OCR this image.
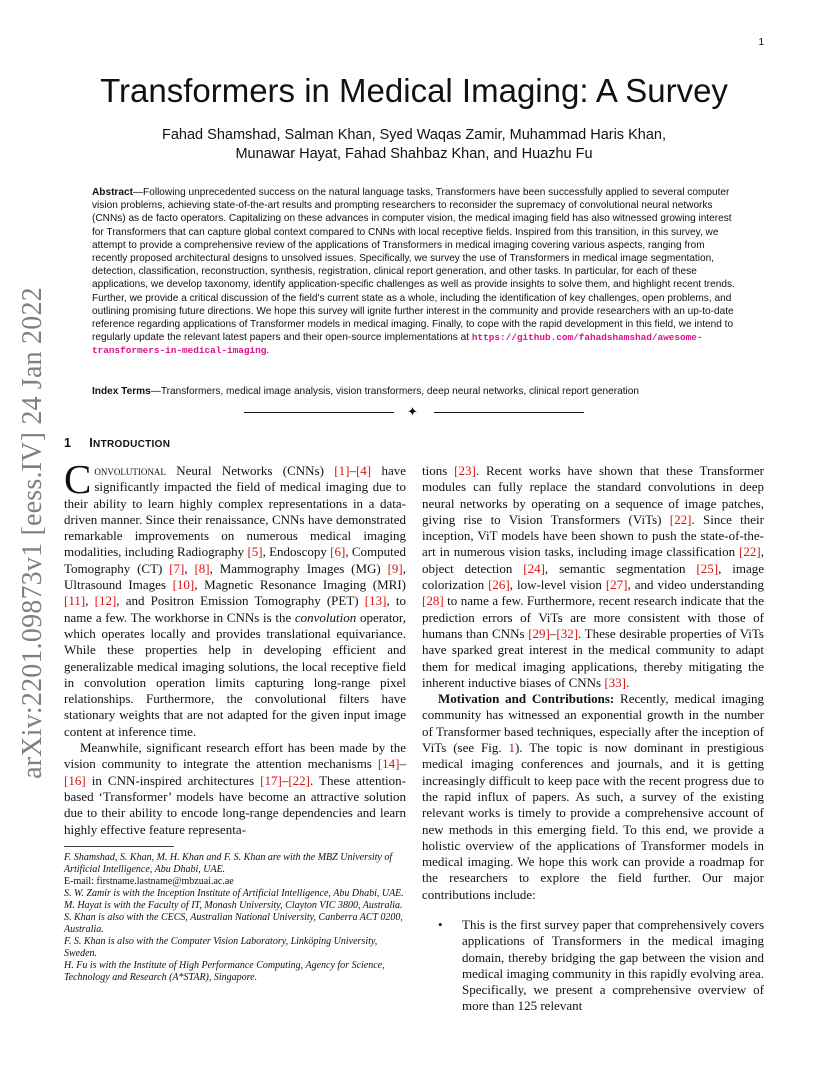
1
arXiv:2201.09873v1 [eess.IV] 24 Jan 2022
Transformers in Medical Imaging: A Survey
Fahad Shamshad, Salman Khan, Syed Waqas Zamir, Muhammad Haris Khan,
Munawar Hayat, Fahad Shahbaz Khan, and Huazhu Fu
Abstract—Following unprecedented success on the natural language tasks, Transformers have been successfully applied to several computer vision problems, achieving state-of-the-art results and prompting researchers to reconsider the supremacy of convolutional neural networks (CNNs) as de facto operators. Capitalizing on these advances in computer vision, the medical imaging field has also witnessed growing interest for Transformers that can capture global context compared to CNNs with local receptive fields. Inspired from this transition, in this survey, we attempt to provide a comprehensive review of the applications of Transformers in medical imaging covering various aspects, ranging from recently proposed architectural designs to unsolved issues. Specifically, we survey the use of Transformers in medical image segmentation, detection, classification, reconstruction, synthesis, registration, clinical report generation, and other tasks. In particular, for each of these applications, we develop taxonomy, identify application-specific challenges as well as provide insights to solve them, and highlight recent trends. Further, we provide a critical discussion of the field's current state as a whole, including the identification of key challenges, open problems, and outlining promising future directions. We hope this survey will ignite further interest in the community and provide researchers with an up-to-date reference regarding applications of Transformer models in medical imaging. Finally, to cope with the rapid development in this field, we intend to regularly update the relevant latest papers and their open-source implementations at https://github.com/fahadshamshad/awesome-transformers-in-medical-imaging.
Index Terms—Transformers, medical image analysis, vision transformers, deep neural networks, clinical report generation
✦
1 INTRODUCTION

Convolutional Neural Networks (CNNs) [1]–[4] have significantly impacted the field of medical imaging due to their ability to learn highly complex representations in a data-driven manner. Since their renaissance, CNNs have demonstrated remarkable improvements on numerous medical imaging modalities, including Radiography [5], Endoscopy [6], Computed Tomography (CT) [7], [8], Mammography Images (MG) [9], Ultrasound Images [10], Magnetic Resonance Imaging (MRI) [11], [12], and Positron Emission Tomography (PET) [13], to name a few. The workhorse in CNNs is the convolution operator, which operates locally and provides translational equivariance. While these properties help in developing efficient and generalizable medical imaging solutions, the local receptive field in convolution operation limits capturing long-range pixel relationships. Furthermore, the convolutional filters have stationary weights that are not adapted for the given input image content at inference time.

Meanwhile, significant research effort has been made by the vision community to integrate the attention mechanisms [14]–[16] in CNN-inspired architectures [17]–[22]. These attention-based ‘Transformer’ models have become an attractive solution due to their ability to encode long-range dependencies and learn highly effective feature representa-

F. Shamshad, S. Khan, M. H. Khan and F. S. Khan are with the MBZ University of Artificial Intelligence, Abu Dhabi, UAE.

E-mail: firstname.lastname@mbzuai.ac.ae

S. W. Zamir is with the Inception Institute of Artificial Intelligence, Abu Dhabi, UAE.

M. Hayat is with the Faculty of IT, Monash University, Clayton VIC 3800, Australia.

S. Khan is also with the CECS, Australian National University, Canberra ACT 0200, Australia.

F. S. Khan is also with the Computer Vision Laboratory, Linköping University, Sweden.

H. Fu is with the Institute of High Performance Computing, Agency for Science, Technology and Research (A*STAR), Singapore.

tions [23]. Recent works have shown that these Transformer modules can fully replace the standard convolutions in deep neural networks by operating on a sequence of image patches, giving rise to Vision Transformers (ViTs) [22]. Since their inception, ViT models have been shown to push the state-of-the-art in numerous vision tasks, including image classification [22], object detection [24], semantic segmentation [25], image colorization [26], low-level vision [27], and video understanding [28] to name a few. Furthermore, recent research indicate that the prediction errors of ViTs are more consistent with those of humans than CNNs [29]–[32]. These desirable properties of ViTs have sparked great interest in the medical community to adapt them for medical imaging applications, thereby mitigating the inherent inductive biases of CNNs [33].

Motivation and Contributions: Recently, medical imaging community has witnessed an exponential growth in the number of Transformer based techniques, especially after the inception of ViTs (see Fig. 1). The topic is now dominant in prestigious medical imaging conferences and journals, and it is getting increasingly difficult to keep pace with the recent progress due to the rapid influx of papers. As such, a survey of the existing relevant works is timely to provide a comprehensive account of new methods in this emerging field. To this end, we provide a holistic overview of the applications of Transformer models in medical imaging. We hope this work can provide a roadmap for the researchers to explore the field further. Our major contributions include:

• This is the first survey paper that comprehensively covers applications of Transformers in the medical imaging domain, thereby bridging the gap between the vision and medical imaging community in this rapidly evolving area. Specifically, we present a comprehensive overview of more than 125 relevant
